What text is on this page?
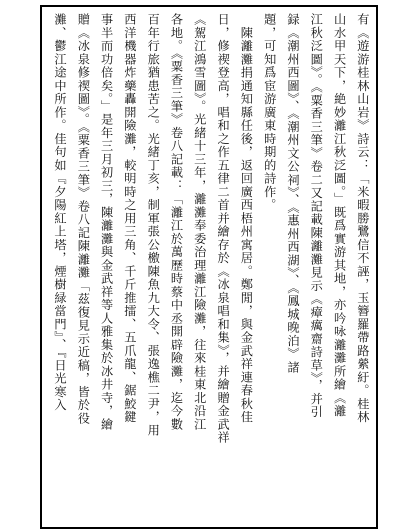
有《遊游桂林山岩》詩云：「米暇勝鷺信不誣，玉簪羅帶路縈紆。桂林
山水甲天下，絶妙灕江秋泛圖。」既爲實游其地，亦吟咏灕灘所繪《灕
江秋泛圖》。《粟香三筆》卷二又記載陳灕灘見示《瘴癘齋詩草》，并引
録《潮州西圖》、《潮州文公祠》、《惠州西湖》、《鳳城晚泊》諸
題，可知爲宦游廣東時期的詩作。
　陳灕灘捐通知縣任後，返回廣西梧州寓居。鄭閒，與金武祥連春秋佳
日，修禊登高，唱和之作五律二首并繪存於《冰泉唱和集》，并繪贈金武祥
《駕江鴻雪圖》。光緒十三年，灕灘奉委治理灕江險灘，往來桂東北沿江
各地。《粟香三筆》卷八記載：「灕江於萬歷時蔡中丞開辟險灘，迄今數
百年行旅猶患苦之。光緒丁亥，制軍張公檄陳魚九大令、張逸樵二尹，用
西洋機器炸藥轟開險灘，較明時之用三角、千斤推擂、五爪龍、鋸鮫鍵
事半而功倍矣。」是年三月初三，陳灕灘與金武祥等人雅集於冰井寺，繪
贈《冰泉修禊圖》。《粟香三筆》卷八記陳灕灘「茲復見示近稿，皆於役
灘、鬱江途中所作。佳句如『夕陽紅上塔，煙樹緑當門』、『日光寒入
